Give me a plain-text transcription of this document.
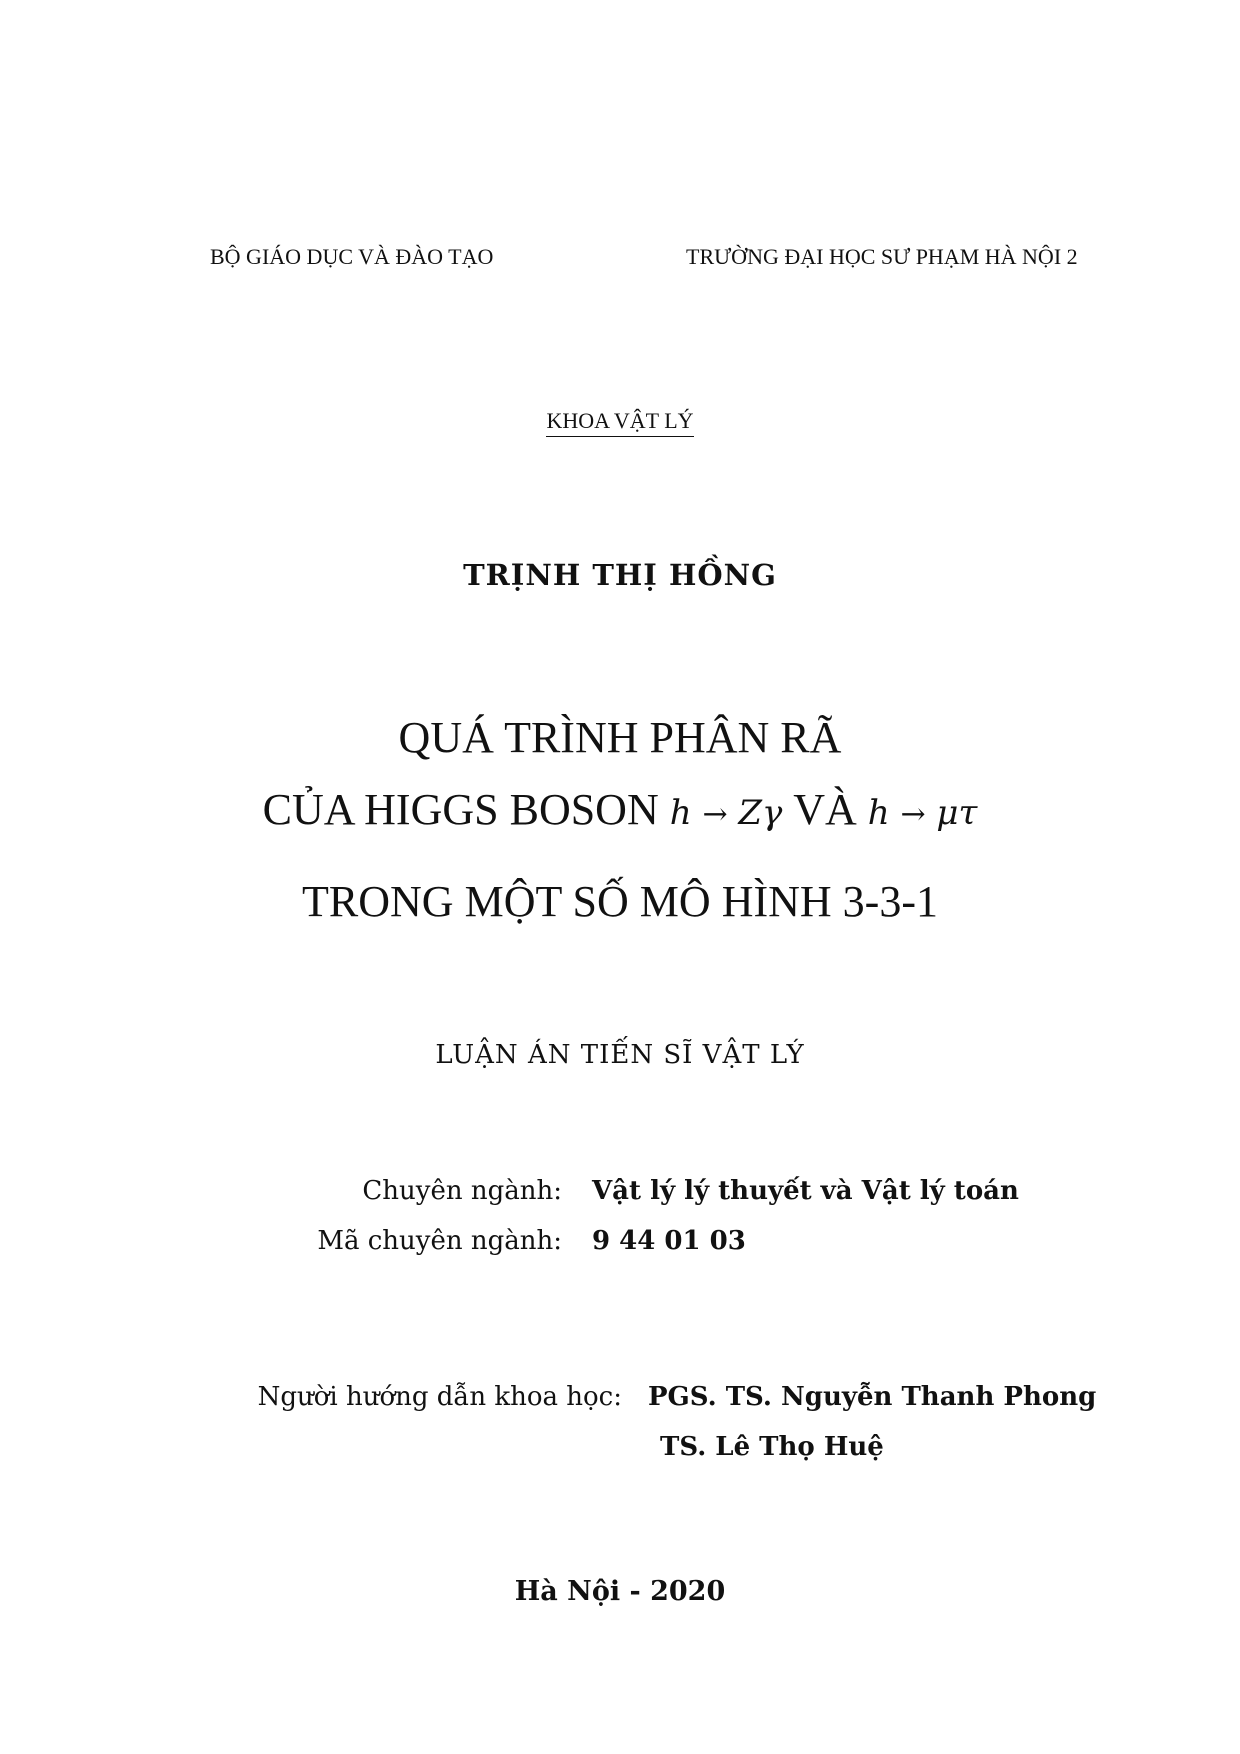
BỘ GIÁO DỤC VÀ ĐÀO TẠO	TRƯỜNG ĐẠI HỌC SƯ PHẠM HÀ NỘI 2
KHOA VẬT LÝ
TRỊNH THỊ HỒNG
QUÁ TRÌNH PHÂN RÃ
CỦA HIGGS BOSON h → Zγ VÀ h → μτ
TRONG MỘT SỐ MÔ HÌNH 3-3-1
LUẬN ÁN TIẾN SĨ VẬT LÝ
Chuyên ngành: Vật lý lý thuyết và Vật lý toán
Mã chuyên ngành: 9 44 01 03
Người hướng dẫn khoa học: PGS. TS. Nguyễn Thanh Phong
TS. Lê Thọ Huệ
Hà Nội - 2020
